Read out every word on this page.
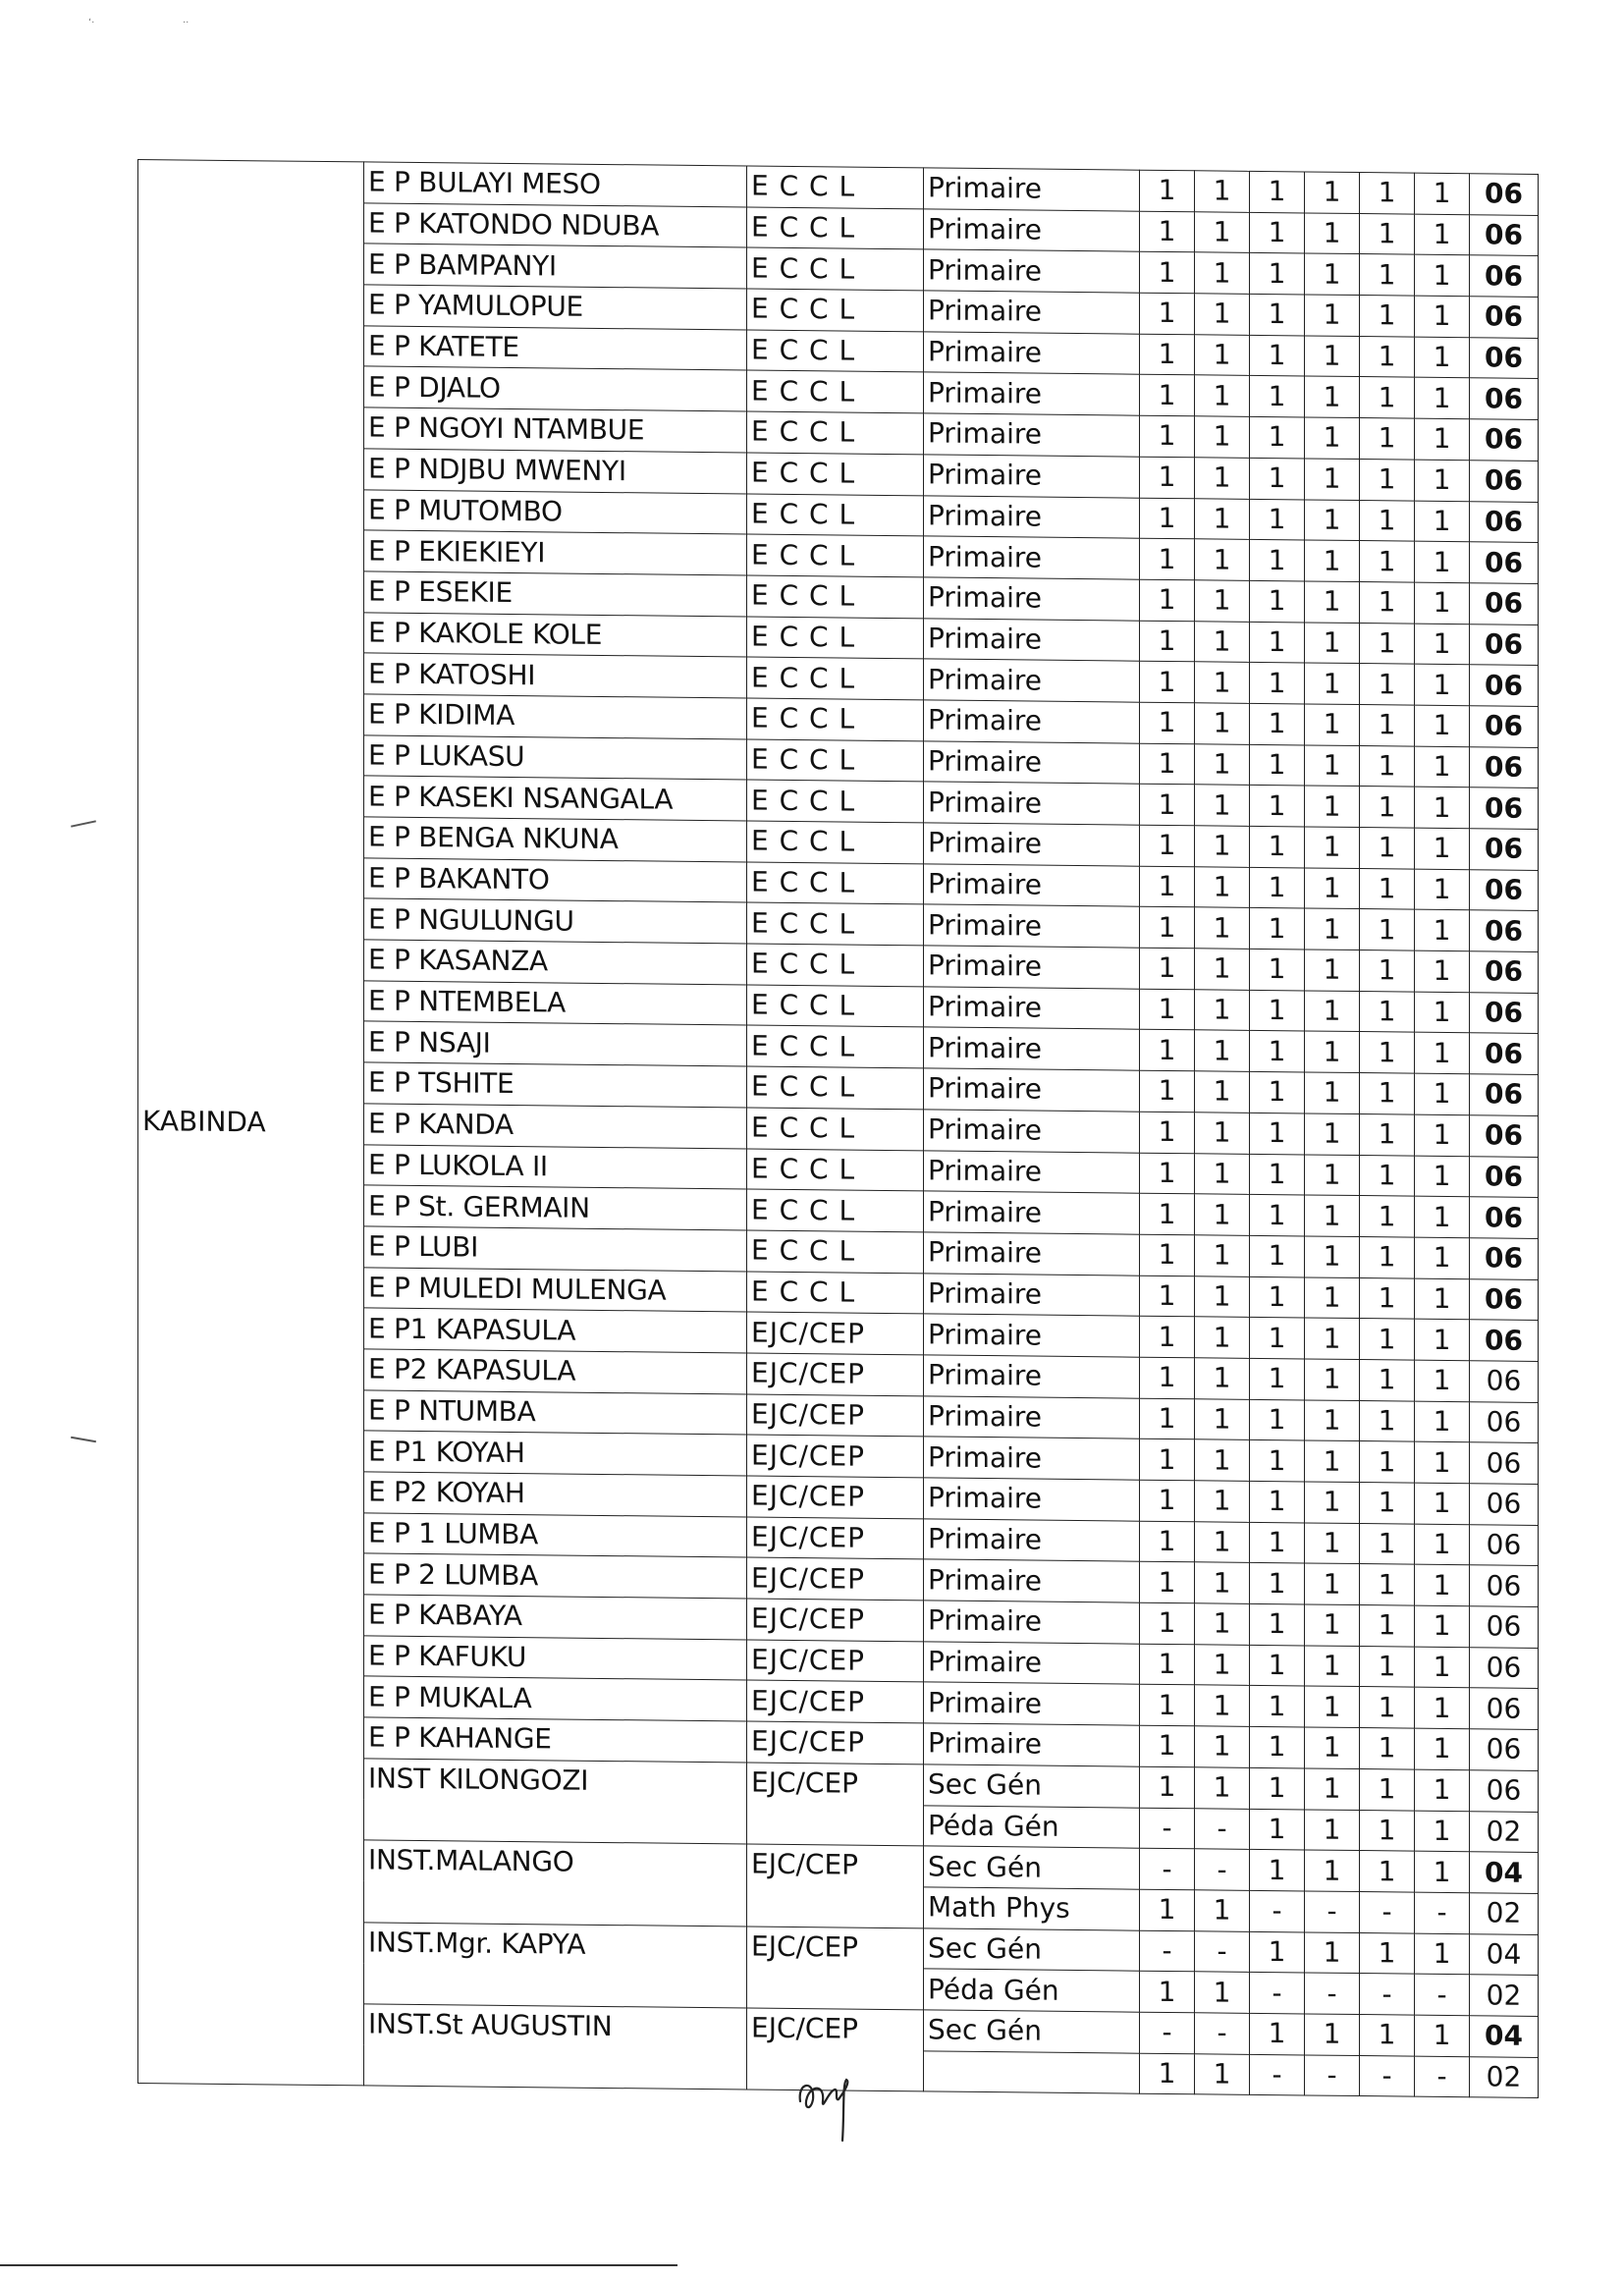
ʻ·	··
KABINDA	E P BULAYI MESO	E C C L	Primaire	1	1	1	1	1	1	06
	E P KATONDO NDUBA	E C C L	Primaire	1	1	1	1	1	1	06
	E P BAMPANYI	E C C L	Primaire	1	1	1	1	1	1	06
	E P YAMULOPUE	E C C L	Primaire	1	1	1	1	1	1	06
	E P KATETE	E C C L	Primaire	1	1	1	1	1	1	06
	E P DJALO	E C C L	Primaire	1	1	1	1	1	1	06
	E P NGOYI NTAMBUE	E C C L	Primaire	1	1	1	1	1	1	06
	E P NDJBU MWENYI	E C C L	Primaire	1	1	1	1	1	1	06
	E P MUTOMBO	E C C L	Primaire	1	1	1	1	1	1	06
	E P EKIEKIEYI	E C C L	Primaire	1	1	1	1	1	1	06
	E P ESEKIE	E C C L	Primaire	1	1	1	1	1	1	06
	E P KAKOLE KOLE	E C C L	Primaire	1	1	1	1	1	1	06
	E P KATOSHI	E C C L	Primaire	1	1	1	1	1	1	06
	E P KIDIMA	E C C L	Primaire	1	1	1	1	1	1	06
	E P LUKASU	E C C L	Primaire	1	1	1	1	1	1	06
	E P KASEKI NSANGALA	E C C L	Primaire	1	1	1	1	1	1	06
	E P BENGA NKUNA	E C C L	Primaire	1	1	1	1	1	1	06
	E P BAKANTO	E C C L	Primaire	1	1	1	1	1	1	06
	E P NGULUNGU	E C C L	Primaire	1	1	1	1	1	1	06
	E P KASANZA	E C C L	Primaire	1	1	1	1	1	1	06
	E P NTEMBELA	E C C L	Primaire	1	1	1	1	1	1	06
	E P NSAJI	E C C L	Primaire	1	1	1	1	1	1	06
	E P TSHITE	E C C L	Primaire	1	1	1	1	1	1	06
	E P KANDA	E C C L	Primaire	1	1	1	1	1	1	06
	E P LUKOLA II	E C C L	Primaire	1	1	1	1	1	1	06
	E P St. GERMAIN	E C C L	Primaire	1	1	1	1	1	1	06
	E P LUBI	E C C L	Primaire	1	1	1	1	1	1	06
	E P MULEDI MULENGA	E C C L	Primaire	1	1	1	1	1	1	06
	E P1 KAPASULA	EJC/CEP	Primaire	1	1	1	1	1	1	06
	E P2 KAPASULA	EJC/CEP	Primaire	1	1	1	1	1	1	06
	E P NTUMBA	EJC/CEP	Primaire	1	1	1	1	1	1	06
	E P1 KOYAH	EJC/CEP	Primaire	1	1	1	1	1	1	06
	E P2 KOYAH	EJC/CEP	Primaire	1	1	1	1	1	1	06
	E P 1 LUMBA	EJC/CEP	Primaire	1	1	1	1	1	1	06
	E P 2 LUMBA	EJC/CEP	Primaire	1	1	1	1	1	1	06
	E P KABAYA	EJC/CEP	Primaire	1	1	1	1	1	1	06
	E P KAFUKU	EJC/CEP	Primaire	1	1	1	1	1	1	06
	E P MUKALA	EJC/CEP	Primaire	1	1	1	1	1	1	06
	E P KAHANGE	EJC/CEP	Primaire	1	1	1	1	1	1	06
	INST KILONGOZI	EJC/CEP	Sec Gén	1	1	1	1	1	1	06
			Péda Gén	-	-	1	1	1	1	02
	INST.MALANGO	EJC/CEP	Sec Gén	-	-	1	1	1	1	04
			Math Phys	1	1	-	-	-	-	02
	INST.Mgr. KAPYA	EJC/CEP	Sec Gén	-	-	1	1	1	1	04
			Péda Gén	1	1	-	-	-	-	02
	INST.St AUGUSTIN	EJC/CEP	Sec Gén	-	-	1	1	1	1	04
				1	1	-	-	-	-	02
